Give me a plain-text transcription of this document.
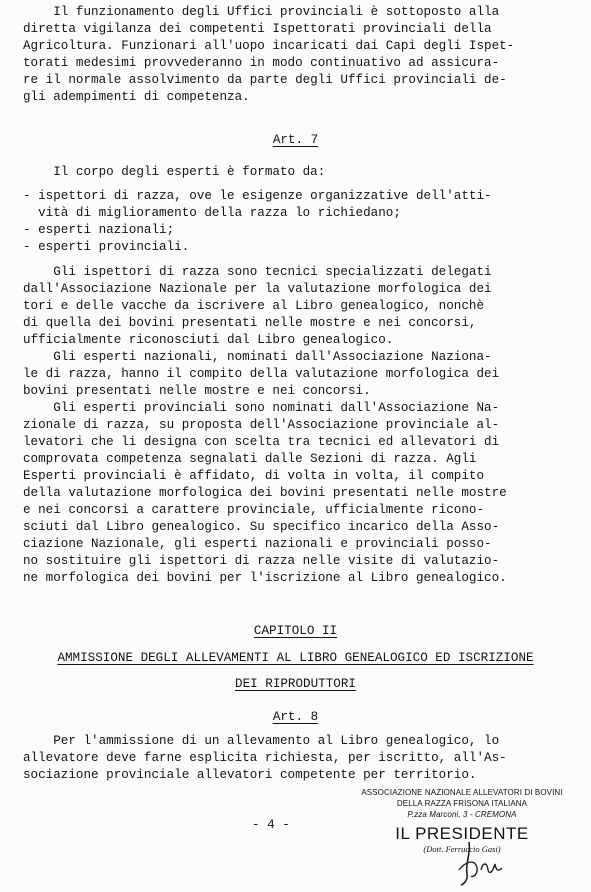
Il funzionamento degli Uffici provinciali è sottoposto alla
diretta vigilanza dei competenti Ispettorati provinciali della
Agricoltura. Funzionari all'uopo incaricati dai Capi degli Ispet-
torati medesimi provvederanno in modo continuativo ad assicura-
re il normale assolvimento da parte degli Uffici provinciali de-
gli adempimenti di competenza.
Art. 7
Il corpo degli esperti è formato da:
- ispettori di razza, ove le esigenze organizzative dell'atti-
vità di miglioramento della razza lo richiedano;
- esperti nazionali;
- esperti provinciali.
Gli ispettori di razza sono tecnici specializzati delegati
dall'Associazione Nazionale per la valutazione morfologica dei
tori e delle vacche da iscrivere al Libro genealogico, nonchè
di quella dei bovini presentati nelle mostre e nei concorsi,
ufficialmente riconosciuti dal Libro genealogico.
Gli esperti nazionali, nominati dall'Associazione Naziona-
le di razza, hanno il compito della valutazione morfologica dei
bovini presentati nelle mostre e nei concorsi.
Gli esperti provinciali sono nominati dall'Associazione Na-
zionale di razza, su proposta dell'Associazione provinciale al-
levatori che li designa con scelta tra tecnici ed allevatori di
comprovata competenza segnalati dalle Sezioni di razza. Agli
Esperti provinciali è affidato, di volta in volta, il compito
della valutazione morfologica dei bovini presentati nelle mostre
e nei concorsi a carattere provinciale, ufficialmente ricono-
sciuti dal Libro genealogico. Su specifico incarico della Asso-
ciazione Nazionale, gli esperti nazionali e provinciali posso-
no sostituire gli ispettori di razza nelle visite di valutazio-
ne morfologica dei bovini per l'iscrizione al Libro genealogico.
CAPITOLO II
AMMISSIONE DEGLI ALLEVAMENTI AL LIBRO GENEALOGICO ED ISCRIZIONE
DEI RIPRODUTTORI
Art. 8
Per l'ammissione di un allevamento al Libro genealogico, lo
allevatore deve farne esplicita richiesta, per iscritto, all'As-
sociazione provinciale allevatori competente per territorio.
- 4 -
ASSOCIAZIONE NAZIONALE ALLEVATORI DI BOVINI
DELLA RAZZA FRISONA ITALIANA
P.zza Marconi, 3 - CREMONA
IL PRESIDENTE
(Dott. Ferruccio Gasi)
